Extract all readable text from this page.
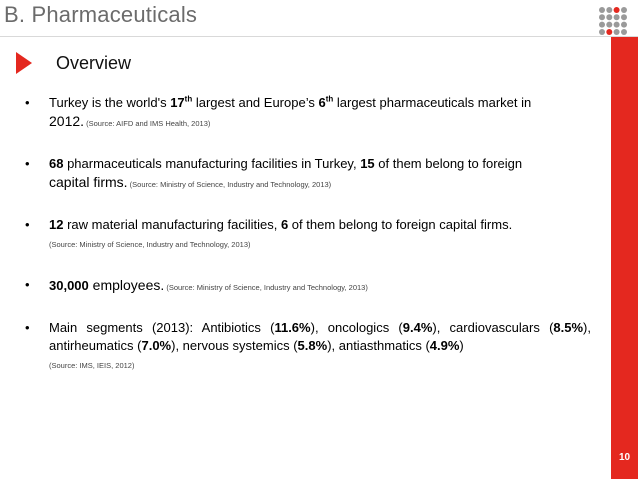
B. Pharmaceuticals
10
Overview
•	Turkey is the world's 17th largest and Europe’s 6th largest pharmaceuticals market in
2012. (Source: AIFD and IMS Health, 2013)
•	68 pharmaceuticals manufacturing facilities in Turkey, 15 of them belong to foreign
capital firms. (Source: Ministry of Science, Industry and Technology, 2013)
•	12 raw material manufacturing facilities, 6 of them belong to foreign capital firms.
(Source: Ministry of Science, Industry and Technology, 2013)
•	30,000 employees. (Source: Ministry of Science, Industry and Technology, 2013)
•	Main segments (2013): Antibiotics (11.6%), oncologics (9.4%), cardiovasculars (8.5%), antirheumatics (7.0%), nervous systemics (5.8%), antiasthmatics (4.9%)
(Source: IMS, IEIS, 2012)
